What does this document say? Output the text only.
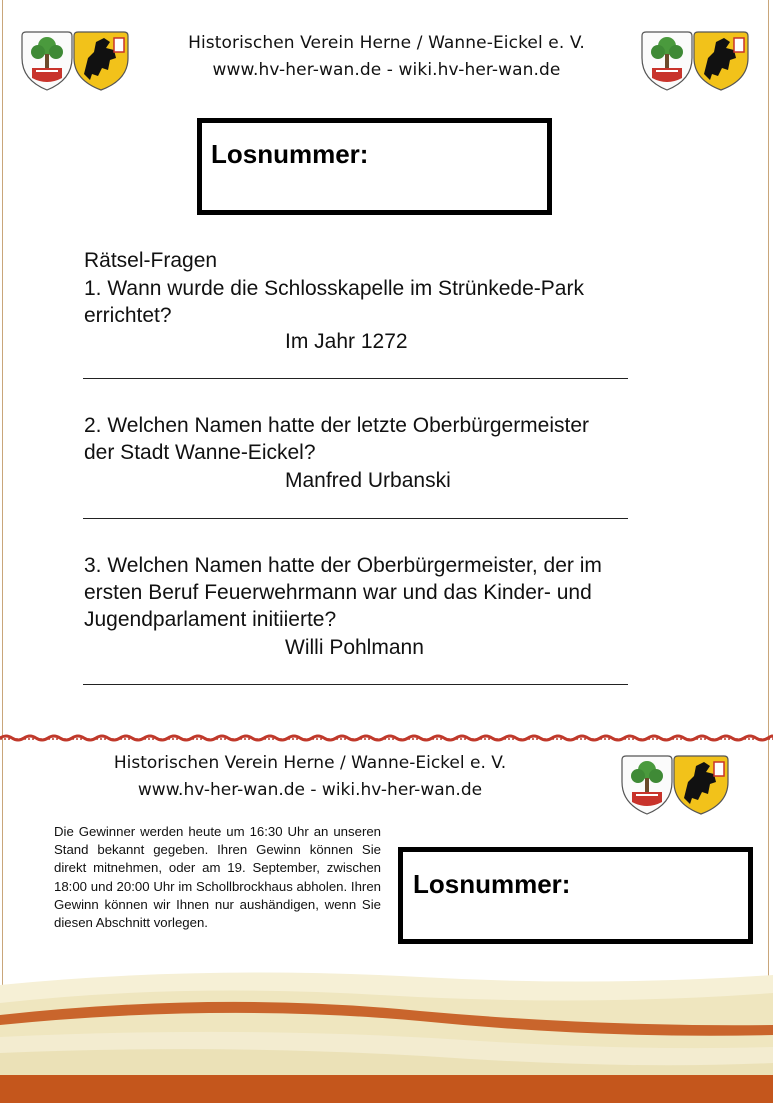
Historischen Verein Herne / Wanne-Eickel e. V.
www.hv-her-wan.de - wiki.hv-her-wan.de
Losnummer:
Rätsel-Fragen
1. Wann wurde die Schlosskapelle im Strünkede-Park
errichtet?
Im Jahr 1272
2. Welchen Namen hatte der letzte Oberbürgermeister
der Stadt Wanne-Eickel?
Manfred Urbanski
3. Welchen Namen hatte der Oberbürgermeister, der im
ersten Beruf Feuerwehrmann war und das Kinder- und
Jugendparlament initiierte?
Willi Pohlmann
Historischen Verein Herne / Wanne-Eickel e. V.
www.hv-her-wan.de - wiki.hv-her-wan.de
Die Gewinner werden heute um 16:30 Uhr an unseren Stand bekannt gegeben. Ihren Gewinn können Sie direkt mitnehmen, oder am 19. September, zwischen 18:00 und 20:00 Uhr im Schollbrockhaus abholen. Ihren Gewinn können wir Ihnen nur aushändigen, wenn Sie diesen Abschnitt vorlegen.
Losnummer:
